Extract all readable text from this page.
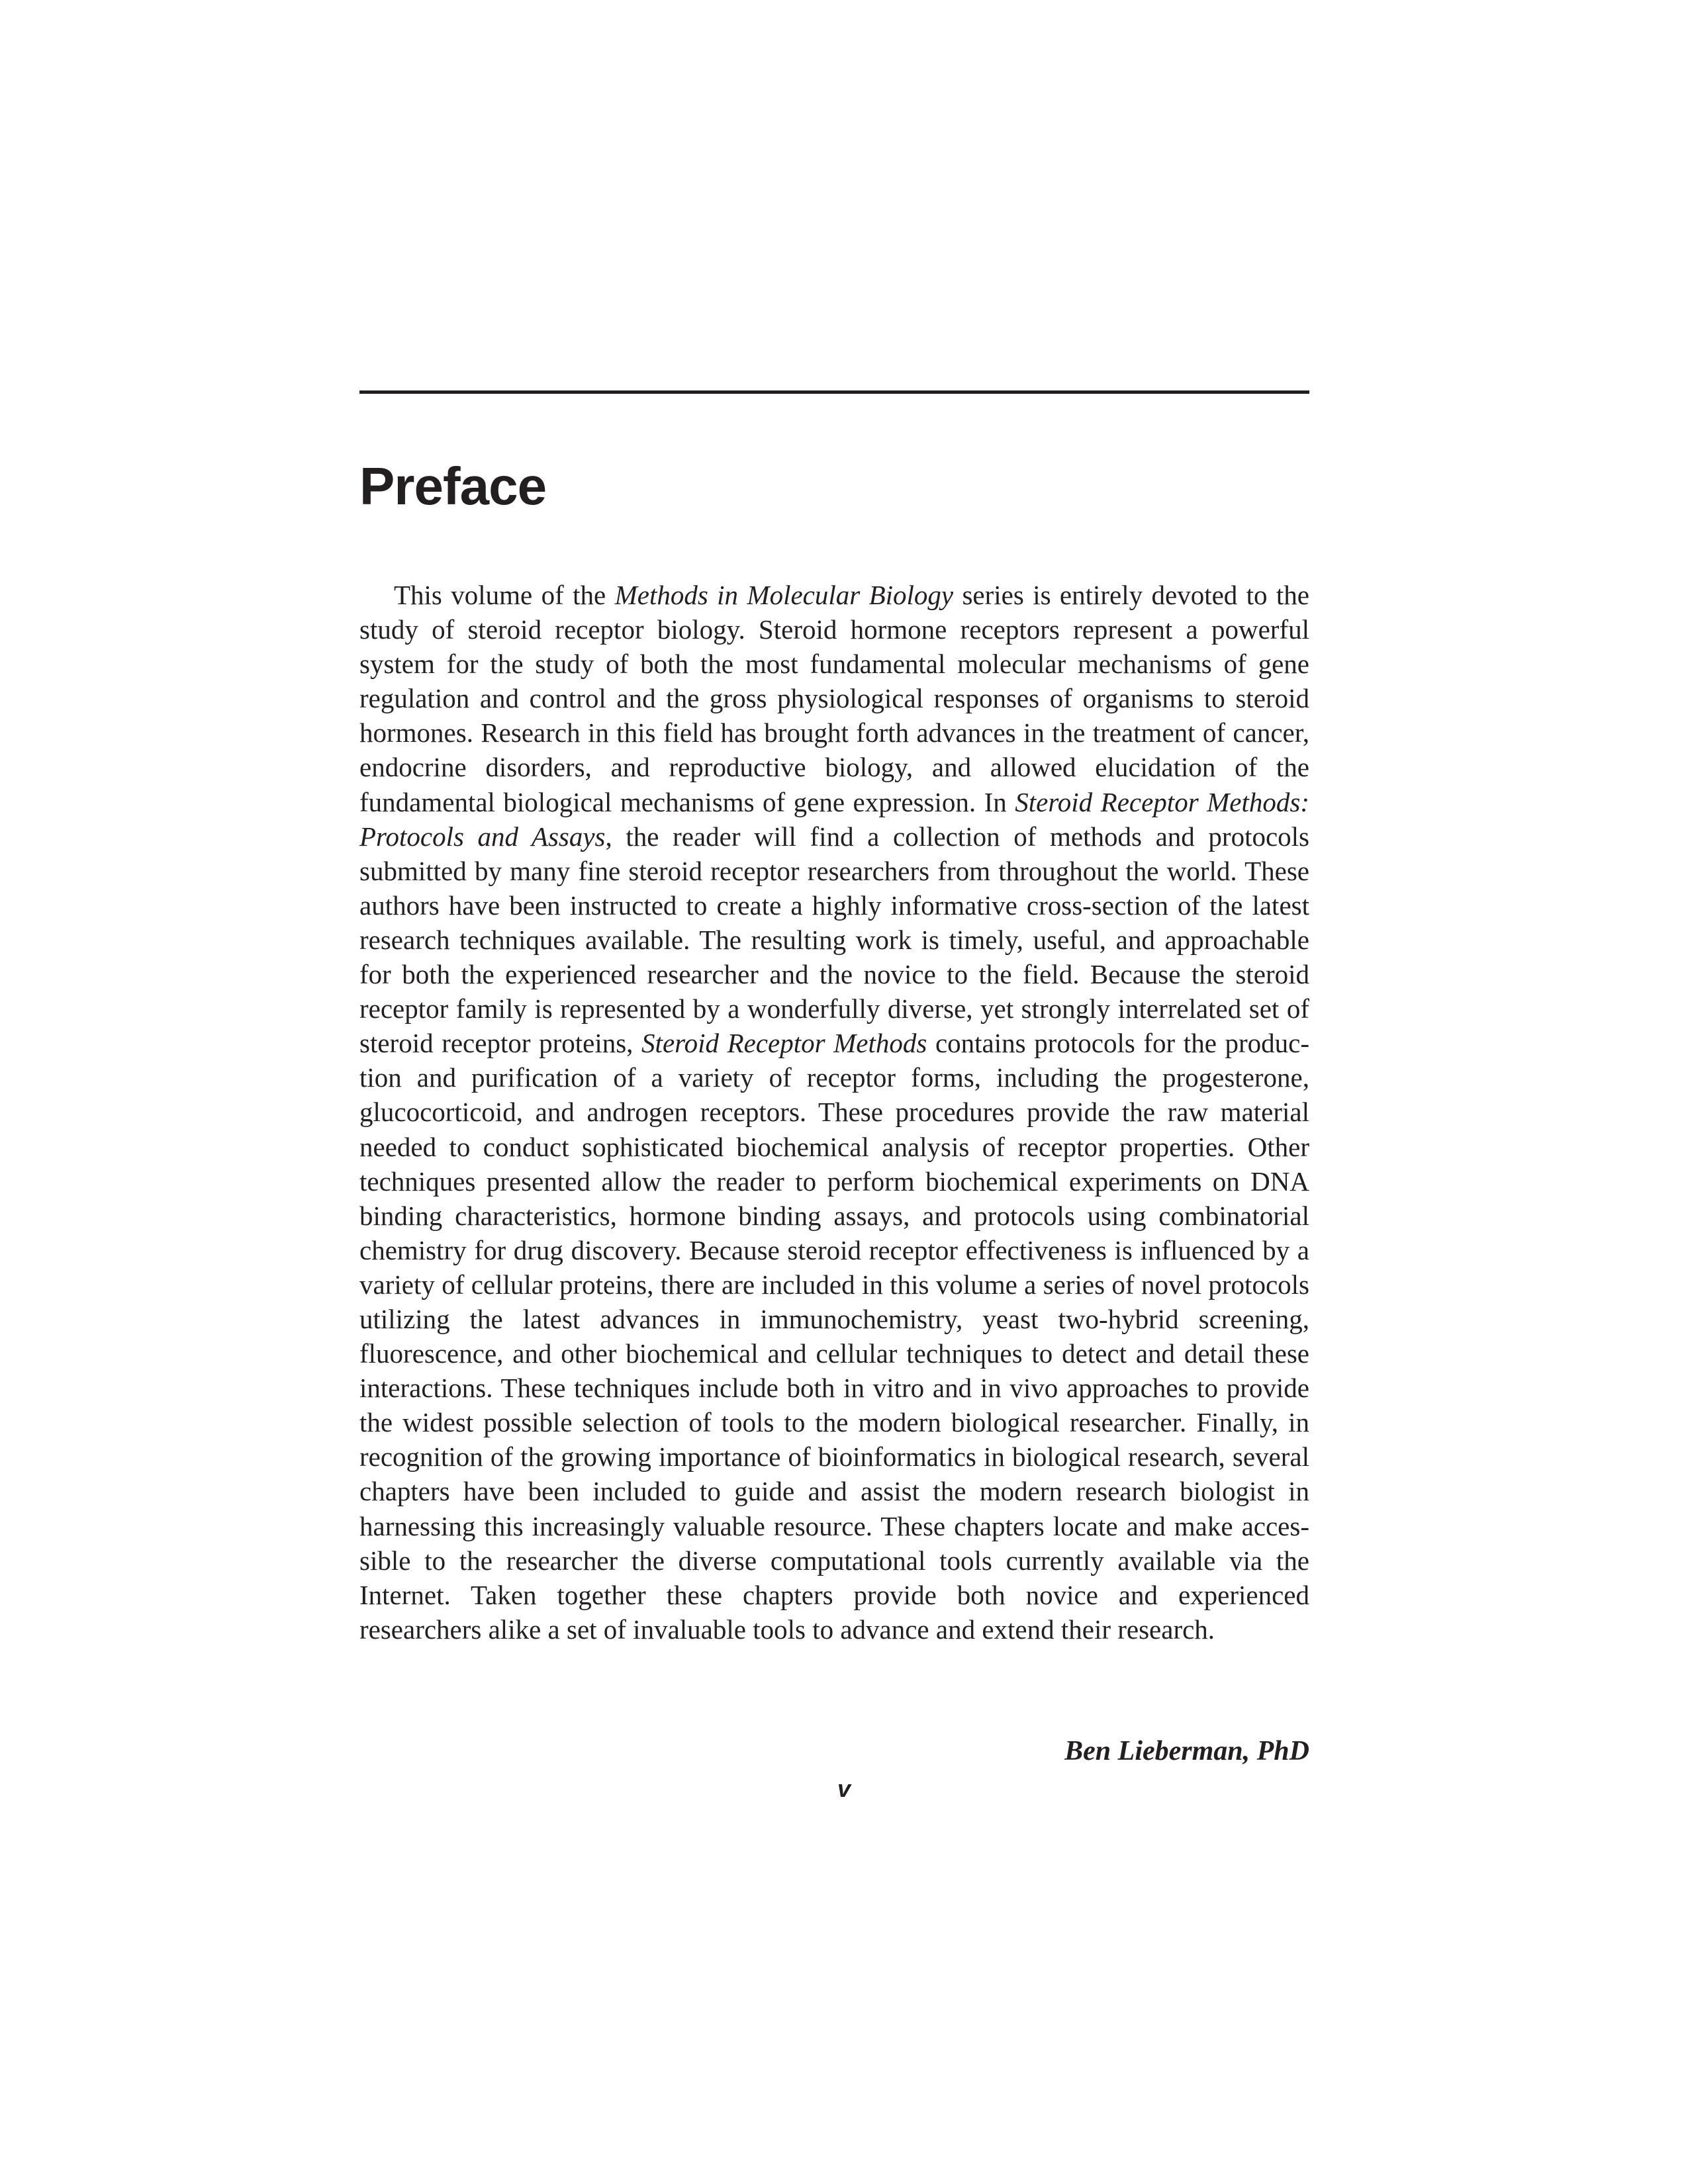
Preface

This volume of the Methods in Molecular Biology series is entirely devoted to the study of steroid receptor biology. Steroid hormone receptors represent a powerful system for the study of both the most fundamental molecular mechanisms of gene regulation and control and the gross physiological responses of organisms to steroid hormones. Research in this field has brought forth advances in the treatment of cancer, endocrine disorders, and reproductive biology, and allowed elucidation of the fundamental biological mechanisms of gene expression. In Steroid Receptor Methods: Protocols and Assays, the reader will find a collection of methods and protocols submitted by many fine steroid receptor researchers from throughout the world. These authors have been instructed to create a highly informative cross-section of the latest research techniques available. The resulting work is timely, useful, and approachable for both the experienced researcher and the novice to the field. Because the steroid receptor family is represented by a wonderfully diverse, yet strongly interrelated set of steroid receptor proteins, Steroid Receptor Methods contains protocols for the production and purification of a variety of receptor forms, including the progesterone, glucocorticoid, and androgen receptors. These procedures provide the raw material needed to conduct sophisticated biochemical analysis of receptor properties. Other techniques presented allow the reader to perform biochemical experiments on DNA binding characteristics, hormone binding assays, and protocols using combinatorial chemistry for drug discovery. Because steroid receptor effectiveness is influenced by a variety of cellular proteins, there are included in this volume a series of novel protocols utilizing the latest advances in immunochemistry, yeast two-hybrid screening, fluorescence, and other biochemical and cellular techniques to detect and detail these interactions. These techniques include both in vitro and in vivo approaches to provide the widest possible selection of tools to the modern biological researcher. Finally, in recognition of the growing importance of bioinformatics in biological research, several chapters have been included to guide and assist the modern research biologist in harnessing this increasingly valuable resource. These chapters locate and make accessible to the researcher the diverse computational tools currently available via the Internet. Taken together these chapters provide both novice and experienced researchers alike a set of invaluable tools to advance and extend their research.

Ben Lieberman, PhD

v
